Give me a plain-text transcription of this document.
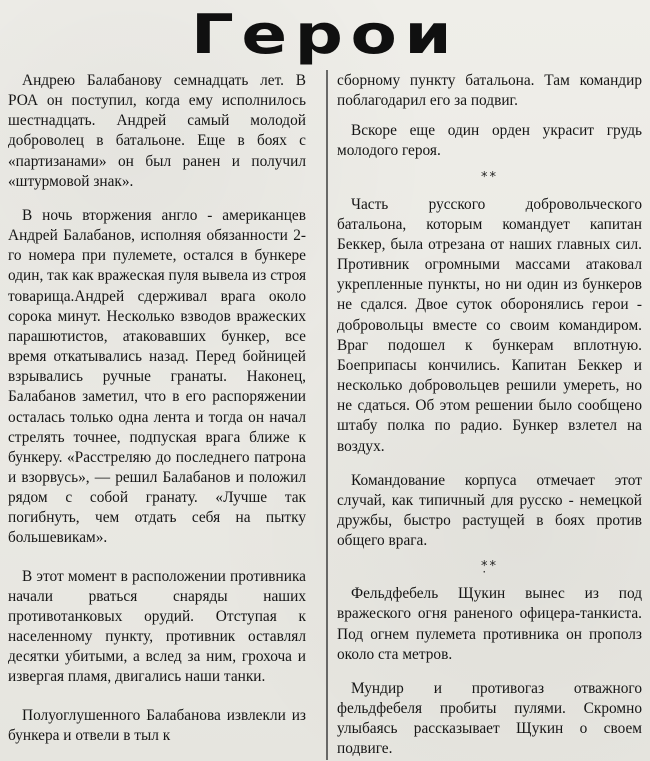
Герои

Андрею Балабанову семнадцать лет. В РОА он поступил, когда ему исполнилось шестнадцать. Андрей самый молодой доброволец в батальоне. Еще в боях с «партизанами» он был ранен и получил «штурмовой знак».

В ночь вторжения англо - американцев Андрей Балабанов, исполняя обязанности 2-го номера при пулемете, остался в бункере один, так как вражеская пуля вывела из строя товарища.Андрей сдерживал врага около сорока минут. Несколько взводов вражеских парашютистов, атаковавших бункер, все время откатывались назад. Перед бойницей взрывались ручные гранаты. Наконец, Балабанов заметил, что в его распоряжении осталась только одна лента и тогда он начал стрелять точнее, подпуская врага ближе к бункеру. «Расстреляю до последнего патрона и взорвусь», — решил Балабанов и положил рядом с собой гранату. «Лучше так погибнуть, чем отдать себя на пытку большевикам».

В этот момент в расположении противника начали рваться снаряды наших противотанковых орудий. Отступая к населенному пункту, противник оставлял десятки убитыми, а вслед за ним, грохоча и извергая пламя, двигались наши танки.

Полуоглушенного Балабанова извлекли из бункера и отвели в тыл к

сборному пункту батальона. Там командир поблагодарил его за подвиг.

Вскоре еще один орден украсит грудь молодого героя.

**

Часть русского добровольческого батальона, которым командует капитан Беккер, была отрезана от наших главных сил. Противник огромными массами атаковал укрепленные пункты, но ни один из бункеров не сдался. Двое суток оборонялись герои - добровольцы вместе со своим командиром. Враг подошел к бункерам вплотную. Боеприпасы кончились. Капитан Беккер и несколько добровольцев решили умереть, но не сдаться. Об этом решении было сообщено штабу полка по радио. Бункер взлетел на воздух.

Командование корпуса отмечает этот случай, как типичный для русско - немецкой дружбы, быстро растущей в боях против общего врага.

*̣*

Фельдфебель Щукин вынес из под вражеского огня раненого офицера-танкиста. Под огнем пулемета противника он прополз около ста метров.

Мундир и противогаз отважного фельдфебеля пробиты пулями. Скромно улыбаясь рассказывает Щукин о своем подвиге.
